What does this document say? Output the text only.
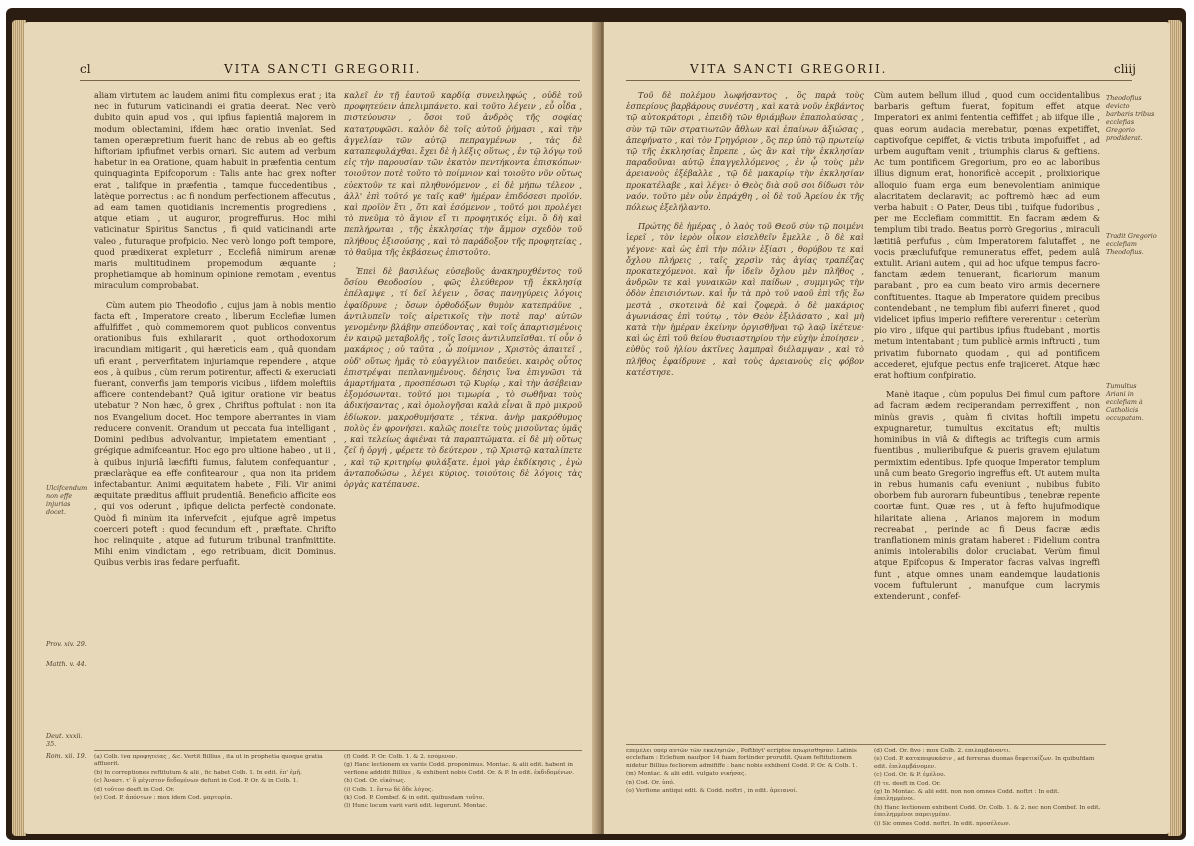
cl	VITA SANCTI GREGORII.

aliam virtutem ac laudem animi fitu complexus erat ; ita nec in futurum vaticinandi ei gratia deerat. Nec verò dubito quin apud vos , qui ipfius fapientiâ majorem in modum oblectamini, ifdem hæc oratio invenîat. Sed tamen operæpretium fuerit hanc de rebus ab eo geftis hiftoriam ipfiufmet verbis ornari. Sic autem ad verbum habetur in ea Oratione, quam habuit in præfentia centum quinquaginta Epifcoporum : Talis ante hac grex nofter erat , talifque in præfentia , tamque fuccedentibus , latèque porrectus : ac fi nondum perfectionem affecutus , ad eam tamen quotidianis incrementis progrediens , atque etiam , ut auguror, progreffurus. Hoc mihi vaticinatur Spiritus Sanctus , fi quid vaticinandi arte valeo , futuraque profpicio. Nec verò longo poft tempore, quod prædixerat expleturr , Ecclefiâ nimirum arenæ maris multitudinem propemodum æquante ; prophetiamque ab hominum opinione remotam , eventus miraculum comprobabat.

Cùm autem pio Theodofio , cujus jam à nobis mentio facta eft , Imperatore creato , liberum Ecclefiæ lumen affulfiffet , quò commemorem quot publicos conventus orationibus fuis exhilararit , quot orthodoxorum iracundiam mitigarit , qui hæreticis eam , quâ quondam ufi erant , perverfitatem injuriamque rependere , atque eos , à quibus , cùm rerum potirentur, affecti & exeruciati fuerant, converfis jam temporis vicibus , iifdem moleftiis afficere contendebant? Quâ igitur oratione vir beatus utebatur ? Non hæc, ô grex , Chriftus poftulat : non ita nos Evangelium docet. Hoc tempore aberrantes in viam reducere convenit. Orandum ut peccata fua intelligant , Domini pedibus advolvantur, impietatem ementiant , grégique admifceantur. Hoc ego pro ultione habeo , ut ii , à quibus injuriâ læcfifti fumus, falutem confequantur , præclaràque ea effe confitearour , qua non ita pridem infectabantur. Animi æquitatem habete , Fili. Vir animi æquitate præditus affluit prudentiâ. Beneficio afficite eos , qui vos oderunt , ipfique delicta perfectè condonate. Quòd fi minùm ita infervefcit , ejufque agrê impetus coerceri poteft : quod fecundum eft , præftate. Chrifto hoc relinquite , atque ad futurum tribunal tranfmittite. Mihi enim vindictam , ego retribuam, dicit Dominus. Quibus verbis iras fedare perfuafit.

Ulcifcendum non effe injurias docet.
Prov. xiv. 29.
Matth. v. 44.
Deut. xxxii. 35.
Rom. xii. 19.

καλεῖ ἐν τῇ ἑαυτοῦ καρδίᾳ συνειληφώς , οὐδὲ τοῦ προφητεύειν ἀπελιμπάνετο. καὶ τοῦτο λέγειν , εὖ οἶδα , πιστεύουσιν , ὅσοι τοῦ ἀνδρὸς τῆς σοφίας κατατρυφῶσι. καλὸν δὲ τοῖς αὐτοῦ ῥήμασι , καὶ τὴν ἀγγελίαν τῶν αὐτῷ πεπραγμένων , τὰς δὲ καταπεφυλάχθαι. ἔχει δὲ ἡ λέξις οὕτως , ἐν τῷ λόγῳ τοῦ εἰς τὴν παρουσίαν τῶν ἑκατὸν πεντήκοντα ἐπισκόπων· τοιοῦτον ποτὲ τοῦτο τὸ ποίμνιον καὶ τοιοῦτο νῦν οὕτως εὐεκτοῦν τε καὶ πληθυνόμενον , εἰ δὲ μήπω τέλεον , ἀλλ' ἐπὶ τοῦτό γε ταῖς καθ' ἡμέραν ἐπιδόσεσι προϊόν. καὶ προϊὸν ἔτι , ὅτι καὶ ἐσόμενον , τοῦτό μοι προλέγει τὸ πνεῦμα τὸ ἅγιον εἴ τι προφητικός εἰμι. ὃ δὴ καὶ πεπλήρωται , τῆς ἐκκλησίας τὴν ἄμμον σχεδὸν τοῦ πλήθους ἐξισούσης , καὶ τὸ παράδοξον τῆς προφητείας , τὸ θαῦμα τῆς ἐκβάσεως ἐπιστοῦτο.

Ἐπεὶ δὲ βασιλέως εὐσεβοῦς ἀνακηρυχθέντος τοῦ ὅσίου Θεοδοσίου , φῶς ἐλεύθερον τῇ ἐκκλησίᾳ ἐπέλαμψε , τί δεῖ λέγειν , ὅσας πανηγύρεις λόγοις ἐφαίδρυνε ; ὅσων ὀρθοδόξων θυμὸν κατεπράϋνε , ἀντιλυπεῖν τοῖς αἱρετικοῖς τὴν ποτὲ παρ' αὐτῶν γενομένην βλάβην σπεύδοντας , καὶ τοῖς ἀπαρτισμένοις ἐν καιρῷ μεταβολῆς , τοῖς ἴσοις ἀντιλυπεῖσθαι. τί οὖν ὁ μακάριος ; οὐ ταῦτα , ὦ ποίμνιον , Χριστὸς ἀπαιτεῖ , οὐδ' οὕτως ἡμᾶς τὸ εὐαγγέλιον παιδεύει. καιρὸς οὗτος ἐπιστρέψαι πεπλανημένους. δέησις ἵνα ἐπιγνῶσι τὰ ἁμαρτήματα , προσπέσωσι τῷ Κυρίῳ , καὶ τὴν ἀσέβειαν ἐξομόσωνται. τοῦτό μοι τιμωρία , τὸ σωθῆναι τοὺς ἀδικήσαντας , καὶ ὁμολογῆσαι καλὰ εἶναι ἃ πρὸ μικροῦ ἐδίωκον. μακροθυμήσατε , τέκνα. ἀνὴρ μακρόθυμος πολὺς ἐν φρονήσει. καλῶς ποιεῖτε τοὺς μισοῦντας ὑμᾶς , καὶ τελείως ἀφιέναι τὰ παραπτώματα. εἰ δὲ μὴ οὕτως ζεῖ ἡ ὀργή , φέρετε τὸ δεύτερον , τῷ Χριστῷ καταλίπετε , καὶ τῷ κριτηρίῳ φυλάξατε. ἐμοὶ γὰρ ἐκδίκησις , ἐγὼ ἀνταποδώσω , λέγει κύριος. τοιούτοις δὲ λόγοις τὰς ὀργὰς κατέπαυσε.

(a) Colb. ἵνα προφητείας , &c. Vertit Billius , ita ut in prophetia quoque gratia affluerit.
(b) In correptiones reftitutum & alii , fic habet Colb. 1. In edit. ἐπ' ἐμῆ.
(c) Ἀναστ. τ' ὅ μέγιστον δεδομένων defunt in Cod. P. Or. & in Colb. 1.
(d) τοῦτον deeft in Cod. Or.
(e) Cod. P. ἀπόντων : mox idem Cod. μαρτυρία.
(f) Codd. P. Or. Colb. 1. & 2. ἐσόμενον.
(g) Hanc lectionem ex variis Codd. proponimus. Montac. & alii edit. habent in verfione addidit Billius , & exhibent nobis Codd. Or. & P. In edit. ἐκδιδομένων.
(h) Cod. Or. εἰκότως.
(i) Colb. 1. ἔστω δὲ ὅδε λόγος.
(k) Cod. P. Combef. & in edit. quibusdam τοῦτο.
(l) Hunc locum varii varii edit. legerunt. Montac.
VITA SANCTI GREGORII.	cliij

Τοῦ δὲ πολέμου λωφήσαντος , ὃς παρὰ τοὺς ἑσπερίους βαρβάρους συνέστη , καὶ κατὰ νοῦν ἐκβάντος τῷ αὐτοκράτορι , ἐπειδὴ τῶν θριάμβων ἐπαπολαύσας , σὺν τῷ τῶν στρατιωτῶν ἄθλων καὶ ἐπαίνων ἀξιώσας , ἀπεφήνατο , καὶ τὸν Γρηγόριον , ὃς περ ὑπὸ τῷ πρωτείῳ τῷ τῆς ἐκκλησίας ἔπρεπε , ὡς ἂν καὶ τὴν ἐκκλησίαν παραδοῦναι αὐτῷ ἐπαγγελλόμενος , ἐν ᾧ τοὺς μὲν ἀρειανοὺς ἐξέβαλλε , τῷ δὲ μακαρίῳ τὴν ἐκκλησίαν προκατέλαβε , καὶ λέγει· ὁ Θεὸς διὰ σοῦ σοι δίδωσι τὸν ναόν. τοῦτο μὲν οὖν ἐπράχθη , οἱ δὲ τοῦ Ἀρείου ἐκ τῆς πόλεως ἐξελήλαντο.

Πρώτης δὲ ἡμέρας , ὁ λαὸς τοῦ Θεοῦ σὺν τῷ ποιμένι ἱερεῖ , τὸν ἱερὸν οἶκον εἰσελθεῖν ἔμελλε , ὃ δὲ καὶ γέγονε· καὶ ὡς ἐπὶ τὴν πόλιν ἐξίασι , θορύβου τε καὶ ὄχλου πλήρεις , ταῖς χερσὶν τὰς ἁγίας τραπέζας προκατεχόμενοι. καὶ ἦν ἰδεῖν ὄχλου μὲν πλῆθος , ἀνδρῶν τε καὶ γυναικῶν καὶ παίδων , συμμιγῶς τὴν ὁδὸν ἐπεισιόντων. καὶ ἦν τὰ πρὸ τοῦ ναοῦ ἐπὶ τῆς ἕω μεστὰ , σκοτεινὰ δὲ καὶ ζοφερὰ. ὁ δὲ μακάριος ἀγωνιάσας ἐπὶ τούτῳ , τὸν Θεὸν ἐξιλάσατο , καὶ μὴ κατὰ τὴν ἡμέραν ἐκείνην ὀργισθῆναι τῷ λαῷ ἱκέτευε· καὶ ὡς ἐπὶ τοῦ θείου θυσιαστηρίου τὴν εὐχὴν ἐποίησεν , εὐθὺς τοῦ ἡλίου ἀκτῖνες λαμπραὶ διέλαμψαν , καὶ τὸ πλῆθος ἐφαίδρυνε , καὶ τοὺς ἀρειανοὺς εἰς φόβον κατέστησε.

Cùm autem bellum illud , quod cum occidentalibus barbaris geftum fuerat, fopitum effet atque Imperatori ex animi fententia ceffiffet ; ab iifque ille , quas eorum audacia merebatur, pœnas expetiffet, captivofque cepiffet, & victis tributa impofuiffet , ad urbem auguftam venit , triumphis clarus & geftiens. Ac tum pontificem Gregorium, pro eo ac laboribus illius dignum erat, honorificè accepit , prolixiorique alloquio fuam erga eum benevolentiam animique alacritatem declaravit; ac poftremò hæc ad eum verba habuit : O Pater, Deus tibi , tuifque fudoribus , per me Ecclefiam committit. En facram ædem & templum tibi trado. Beatus porrò Gregorius , miraculi lætitiâ perfufus , cùm Imperatorem falutaffet , ne vocis præclufufque remuneratus effet, pedem aulâ extulit. Ariani autem , qui ad hoc ufque tempus facro-fanctam ædem tenuerant, ficariorum manum parabant , pro ea cum beato viro armis decernere conftituentes. Itaque ab Imperatore quidem precibus contendebant , ne templum fibi auferri fineret , quod videlicet ipfius imperio refiftere vererentur : ceterùm pio viro , iifque qui partibus ipfius ftudebant , mortis metum intentabant ; tum publicè armis inftructi , tum privatim fubornato quodam , qui ad pontificem accederet, ejufque pectus enfe trajiceret. Atque hæc erat hoftium confpiratio.

Manè itaque , cùm populus Dei fimul cum paftore ad facram ædem reciperandam perrexiffent , non minùs gravis , quàm fi civitas hoftili impetu expugnaretur, tumultus excitatus eft; multis hominibus in viâ & diftegis ac triftegis cum armis fuentibus , mulieribufque & pueris gravem ejulatum permixtim edentibus. Ipfe quoque Imperator templum unâ cum beato Gregorio ingreffus eft. Ut autem multa in rebus humanis cafu eveniunt , nubibus fubito oborbem fub aurorarn fubeuntibus , tenebræ repente coortæ funt. Quæ res , ut à fefto hujufmodique hilaritate aliena , Arianos majorem in modum recreabat , perinde ac fi Deus facræ ædis tranflationem minis gratam haberet : Fidelium contra animis intolerabilis dolor cruciabat. Verùm fimul atque Epifcopus & Imperator facras valvas ingreffi funt , atque omnes unam eandemque laudationis vocem fuftulerunt , manufque cum lacrymis extenderunt , confef-

Theodofius devicto barbaris tribus ecclefias Gregorio prodiderat.
Tradit Gregorio ecclefiam Theodofius.
Tumultus Ariani in ecclefiam à Catholicis occupatam.
ἐπεμέλει ὑπὲρ αὐτῶν τῶν ἐκκλησιῶν , Poftbiyt' ecriptos ἀπωρίσθησαν. Latinis ecclefiam : Eclefium naufpor 14 fuam fortinder prorudit. Quam feftitutionem nidetur Billius fecliorem admififfe : hanc nobis exhibent Codd. P. Or. & Colb. 1.
(m) Montac. & alii edit. vulgato νικήσας.
(n) Cod. Or. ὑπό.
(o) Verfione antiqui edit. & Codd. noftri , in edit. ἀρειανοί.
(d) Cod. Or. fivo : mox Colb. 2. ἐπιλαμβάνοντι.
(e) Cod. P. καταπεφυκάσιν , ad ferreras duonas δεφετικίζων. In quibufdam edit. ἐπιλαμβάνομεν.
(c) Cod. Or. & P. ἐμέλου.
(f) τε. deeft in Cod. Or.
(g) In Montac. & alii edit. non non omnes Codd. noftri : In edit. ἐπειλημμένοι.
(h) Hanc lectionem exhibent Codd. Or. Colb. 1. & 2. nec non Combef. In edit. ἐπειλημμένοι παρειγμέαν.
(i) Sic omnes Codd. noftri. In edit. προσέλεων.
